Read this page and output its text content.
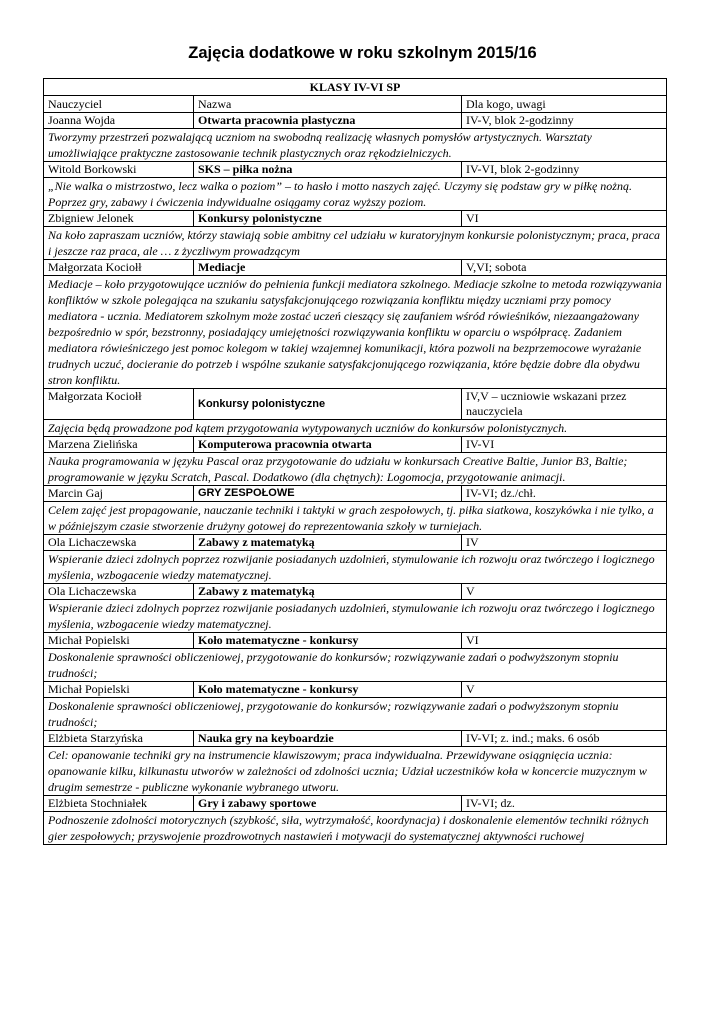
Zajęcia dodatkowe w roku szkolnym 2015/16
KLASY IV-VI SP		
Nauczyciel	Nazwa	Dla kogo, uwagi
Joanna Wojda	Otwarta pracownia plastyczna	IV-V, blok 2-godzinny
Tworzymy przestrzeń pozwalającą uczniom na swobodną realizację własnych pomysłów artystycznych. Warsztaty umożliwiające praktyczne zastosowanie technik plastycznych oraz rękodzielniczych.		
Witold Borkowski	SKS – piłka nożna	IV-VI, blok 2-godzinny
„Nie walka o mistrzostwo, lecz walka o poziom” – to hasło i motto naszych zajęć. Uczymy się podstaw gry w piłkę nożną. Poprzez gry, zabawy i ćwiczenia indywidualne osiągamy coraz wyższy poziom.		
Zbigniew Jelonek	Konkursy polonistyczne	VI
Na koło zapraszam uczniów, którzy stawiają sobie ambitny cel udziału w kuratoryjnym konkursie polonistycznym; praca, praca i jeszcze raz praca, ale … z życzliwym prowadzącym		
Małgorzata Kociołł	Mediacje	V,VI; sobota
Mediacje – koło przygotowujące uczniów do pełnienia funkcji mediatora szkolnego. Mediacje szkolne to metoda rozwiązywania konfliktów w szkole polegająca na szukaniu satysfakcjonującego rozwiązania konfliktu między uczniami przy pomocy mediatora - ucznia. Mediatorem szkolnym może zostać uczeń cieszący się zaufaniem wśród rówieśników, niezaangażowany bezpośrednio w spór, bezstronny, posiadający umiejętności rozwiązywania konfliktu w oparciu o współpracę. Zadaniem mediatora rówieśniczego jest pomoc kolegom w takiej wzajemnej komunikacji, która pozwoli na bezprzemocowe wyrażanie trudnych uczuć, docieranie do potrzeb i wspólne szukanie satysfakcjonującego rozwiązania, które będzie dobre dla obydwu stron konfliktu.		
Małgorzata Kociołł	Konkursy polonistyczne	IV,V – uczniowie wskazani przez nauczyciela
Zajęcia będą prowadzone pod kątem przygotowania wytypowanych uczniów do konkursów polonistycznych.		
Marzena Zielińska	Komputerowa pracownia otwarta	IV-VI
Nauka programowania w języku Pascal oraz przygotowanie do udziału w konkursach Creative Baltie, Junior B3, Baltie; programowanie w języku Scratch, Pascal. Dodatkowo (dla chętnych): Logomocja, przygotowanie animacji.		
Marcin Gaj	GRY ZESPOŁOWE	IV-VI; dz./chł.
Celem zajęć jest propagowanie, nauczanie techniki i taktyki w grach zespołowych, tj. piłka siatkowa, koszykówka i nie tylko, a w późniejszym czasie stworzenie drużyny gotowej do reprezentowania szkoły w turniejach.		
Ola Lichaczewska	Zabawy z matematyką	IV
Wspieranie dzieci zdolnych poprzez rozwijanie posiadanych uzdolnień, stymulowanie ich rozwoju oraz twórczego i logicznego myślenia, wzbogacenie wiedzy matematycznej.		
Ola Lichaczewska	Zabawy z matematyką	V
Wspieranie dzieci zdolnych poprzez rozwijanie posiadanych uzdolnień, stymulowanie ich rozwoju oraz twórczego i logicznego myślenia, wzbogacenie wiedzy matematycznej.		
Michał Popielski	Koło matematyczne - konkursy	VI
Doskonalenie sprawności obliczeniowej, przygotowanie do konkursów; rozwiązywanie zadań o podwyższonym stopniu trudności;		
Michał Popielski	Koło matematyczne - konkursy	V
Doskonalenie sprawności obliczeniowej, przygotowanie do konkursów; rozwiązywanie zadań o podwyższonym stopniu trudności;		
Elżbieta Starzyńska	Nauka gry na keyboardzie	IV-VI; z. ind.; maks. 6 osób
Cel: opanowanie techniki gry na instrumencie klawiszowym; praca indywidualna. Przewidywane osiągnięcia ucznia: opanowanie kilku, kilkunastu utworów w zależności od zdolności ucznia; Udział uczestników koła w koncercie muzycznym w drugim semestrze - publiczne wykonanie wybranego utworu.		
Elżbieta Stochniałek	Gry i zabawy sportowe	IV-VI; dz.
Podnoszenie zdolności motorycznych (szybkość, siła, wytrzymałość, koordynacja) i doskonalenie elementów techniki różnych gier zespołowych; przyswojenie prozdrowotnych nastawień i motywacji do systematycznej aktywności ruchowej		
